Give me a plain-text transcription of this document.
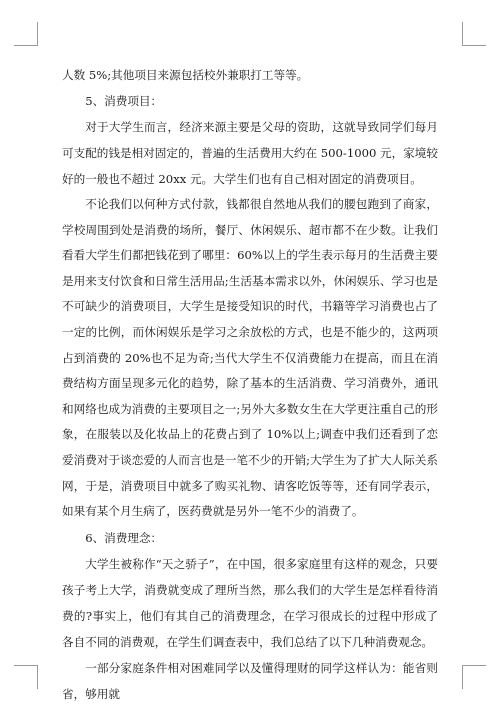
人数 5%;其他项目来源包括校外兼职打工等等。

5、消费项目：

对于大学生而言，经济来源主要是父母的资助，这就导致同学们每月可支配的钱是相对固定的，普遍的生活费用大约在 500-1000 元，家境较好的一般也不超过 20xx 元。大学生们也有自己相对固定的消费项目。

不论我们以何种方式付款，钱都很自然地从我们的腰包跑到了商家，学校周围到处是消费的场所，餐厅、休闲娱乐、超市都不在少数。让我们看看大学生们都把钱花到了哪里：60%以上的学生表示每月的生活费主要是用来支付饮食和日常生活用品;生活基本需求以外，休闲娱乐、学习也是不可缺少的消费项目，大学生是接受知识的时代，书籍等学习消费也占了一定的比例，而休闲娱乐是学习之余放松的方式，也是不能少的，这两项占到消费的 20%也不足为奇;当代大学生不仅消费能力在提高，而且在消费结构方面呈现多元化的趋势，除了基本的生活消费、学习消费外，通讯和网络也成为消费的主要项目之一;另外大多数女生在大学更注重自己的形象，在服装以及化妆品上的花费占到了 10%以上;调查中我们还看到了恋爱消费对于谈恋爱的人而言也是一笔不少的开销;大学生为了扩大人际关系网，于是，消费项目中就多了购买礼物、请客吃饭等等，还有同学表示，如果有某个月生病了，医药费就是另外一笔不少的消费了。

6、消费理念：

大学生被称作“天之骄子”，在中国，很多家庭里有这样的观念，只要孩子考上大学，消费就变成了理所当然，那么我们的大学生是怎样看待消费的?事实上，他们有其自己的消费理念，在学习很成长的过程中形成了各自不同的消费观，在学生们调查表中，我们总结了以下几种消费观念。

一部分家庭条件相对困难同学以及懂得理财的同学这样认为：能省则省，够用就
